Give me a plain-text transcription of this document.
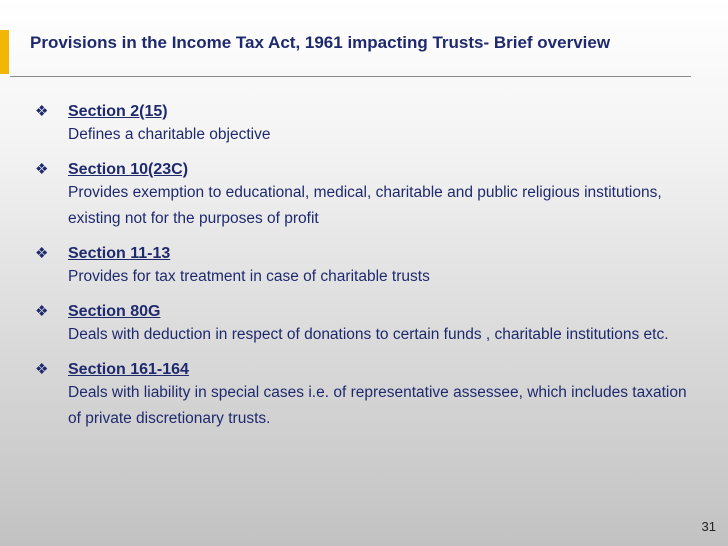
Provisions in the Income Tax Act, 1961 impacting Trusts- Brief overview
❖ Section 2(15)
Defines a charitable objective
❖ Section 10(23C)
Provides exemption to educational, medical, charitable and public religious institutions, existing not for the purposes of profit
❖ Section 11-13
Provides for tax treatment in case of charitable trusts
❖ Section 80G
Deals with deduction in respect of donations to certain funds , charitable institutions etc.
❖ Section 161-164
Deals with liability in special cases i.e. of representative assessee, which includes taxation of private discretionary trusts.
31
